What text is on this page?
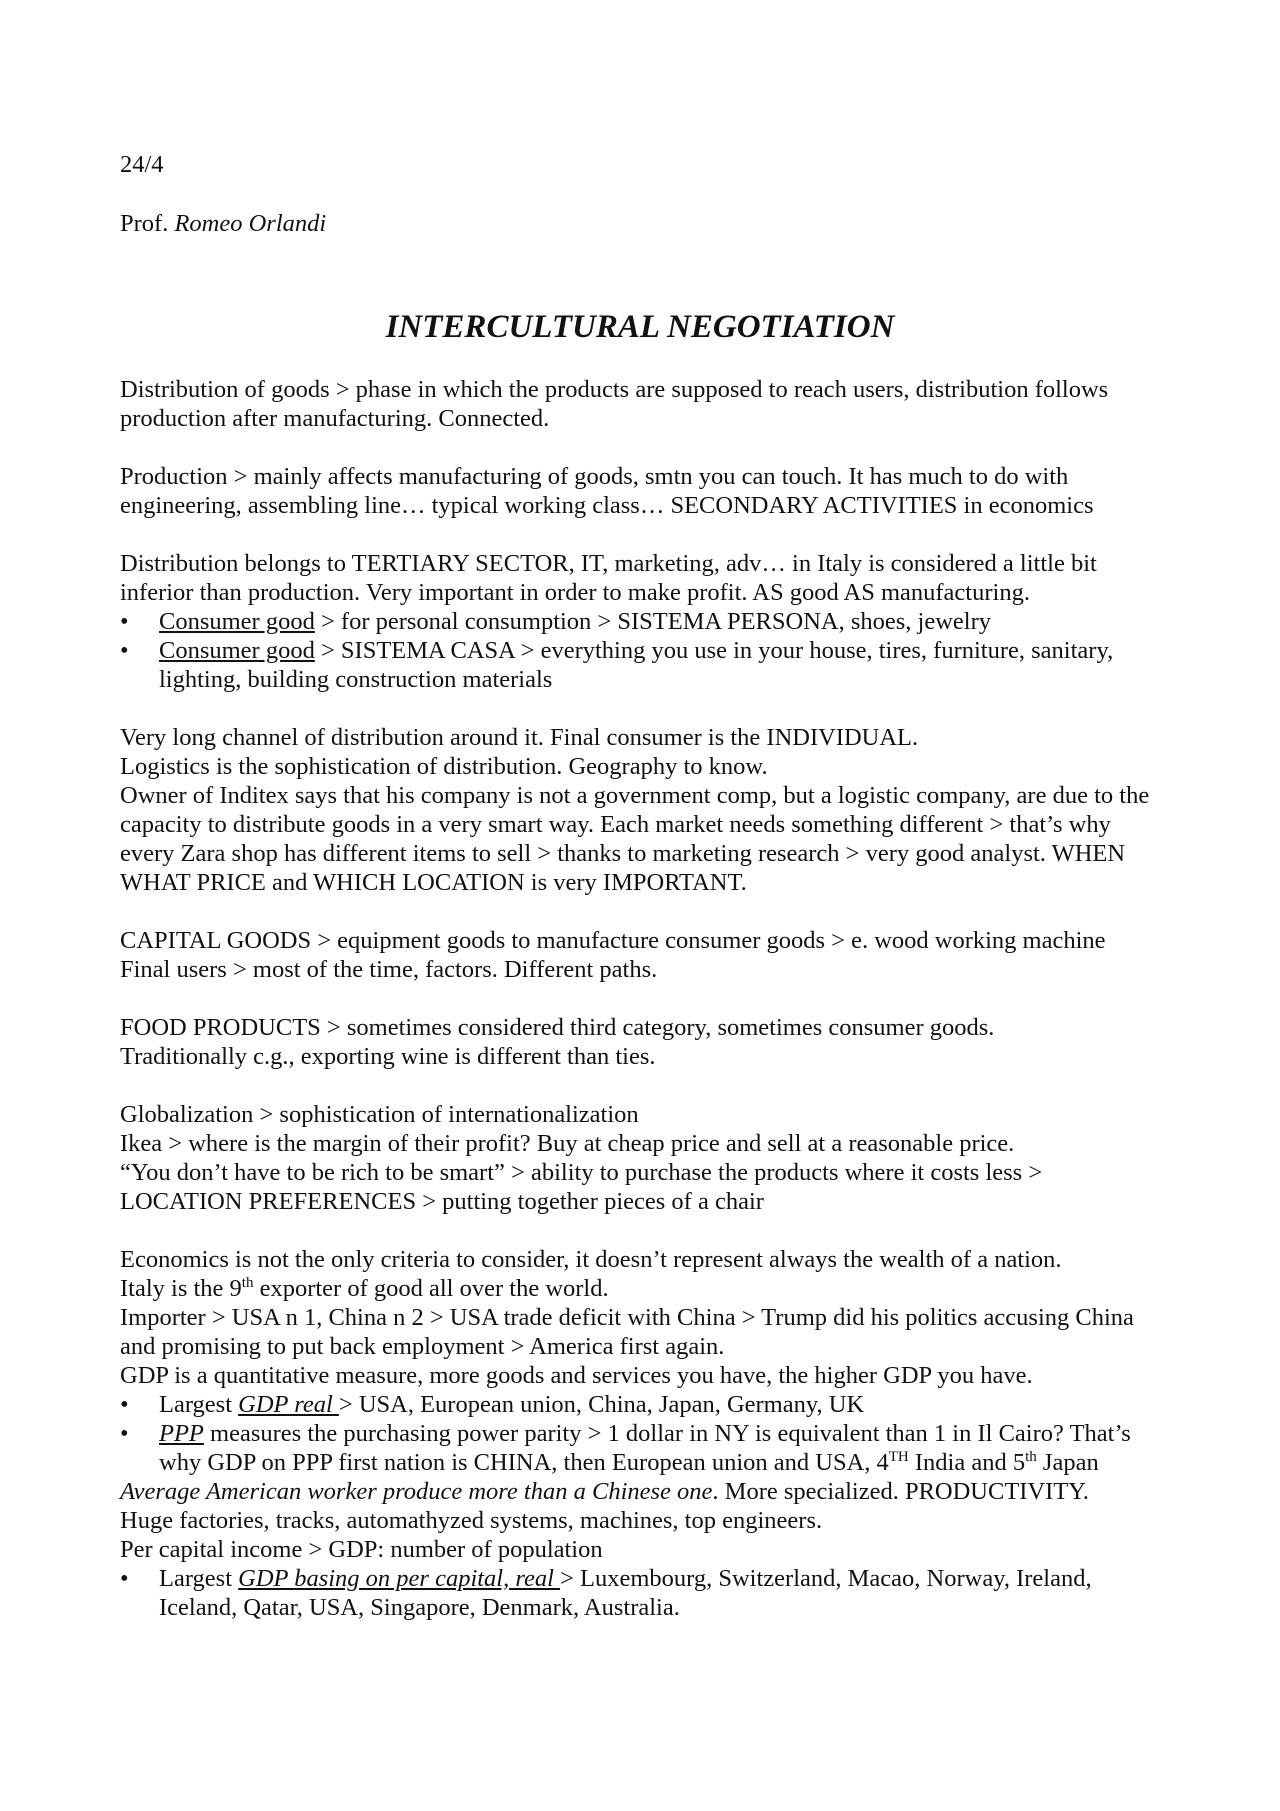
24/4

Prof. Romeo Orlandi

INTERCULTURAL NEGOTIATION

Distribution of goods > phase in which the products are supposed to reach users, distribution follows production after manufacturing. Connected.

Production > mainly affects manufacturing of goods, smtn you can touch. It has much to do with engineering, assembling line… typical working class… SECONDARY ACTIVITIES in economics

Distribution belongs to TERTIARY SECTOR, IT, marketing, adv… in Italy is considered a little bit inferior than production. Very important in order to make profit. AS good AS manufacturing.

• Consumer good > for personal consumption > SISTEMA PERSONA, shoes, jewelry
• Consumer good > SISTEMA CASA > everything you use in your house, tires, furniture, sanitary, lighting, building construction materials

Very long channel of distribution around it. Final consumer is the INDIVIDUAL.

Logistics is the sophistication of distribution. Geography to know.

Owner of Inditex says that his company is not a government comp, but a logistic company, are due to the capacity to distribute goods in a very smart way. Each market needs something different > that’s why every Zara shop has different items to sell > thanks to marketing research > very good analyst. WHEN WHAT PRICE and WHICH LOCATION is very IMPORTANT.

CAPITAL GOODS > equipment goods to manufacture consumer goods > e. wood working machine

Final users > most of the time, factors. Different paths.

FOOD PRODUCTS > sometimes considered third category, sometimes consumer goods.

Traditionally c.g., exporting wine is different than ties.

Globalization > sophistication of internationalization

Ikea > where is the margin of their profit? Buy at cheap price and sell at a reasonable price.

“You don’t have to be rich to be smart” > ability to purchase the products where it costs less > LOCATION PREFERENCES > putting together pieces of a chair

Economics is not the only criteria to consider, it doesn’t represent always the wealth of a nation.

Italy is the 9th exporter of good all over the world.

Importer > USA n 1, China n 2 > USA trade deficit with China > Trump did his politics accusing China and promising to put back employment > America first again.

GDP is a quantitative measure, more goods and services you have, the higher GDP you have.

• Largest GDP real > USA, European union, China, Japan, Germany, UK
• PPP measures the purchasing power parity > 1 dollar in NY is equivalent than 1 in Il Cairo? That’s why GDP on PPP first nation is CHINA, then European union and USA, 4TH India and 5th Japan

Average American worker produce more than a Chinese one. More specialized. PRODUCTIVITY.

Huge factories, tracks, automathyzed systems, machines, top engineers.

Per capital income > GDP: number of population

• Largest GDP basing on per capital, real > Luxembourg, Switzerland, Macao, Norway, Ireland, Iceland, Qatar, USA, Singapore, Denmark, Australia.
